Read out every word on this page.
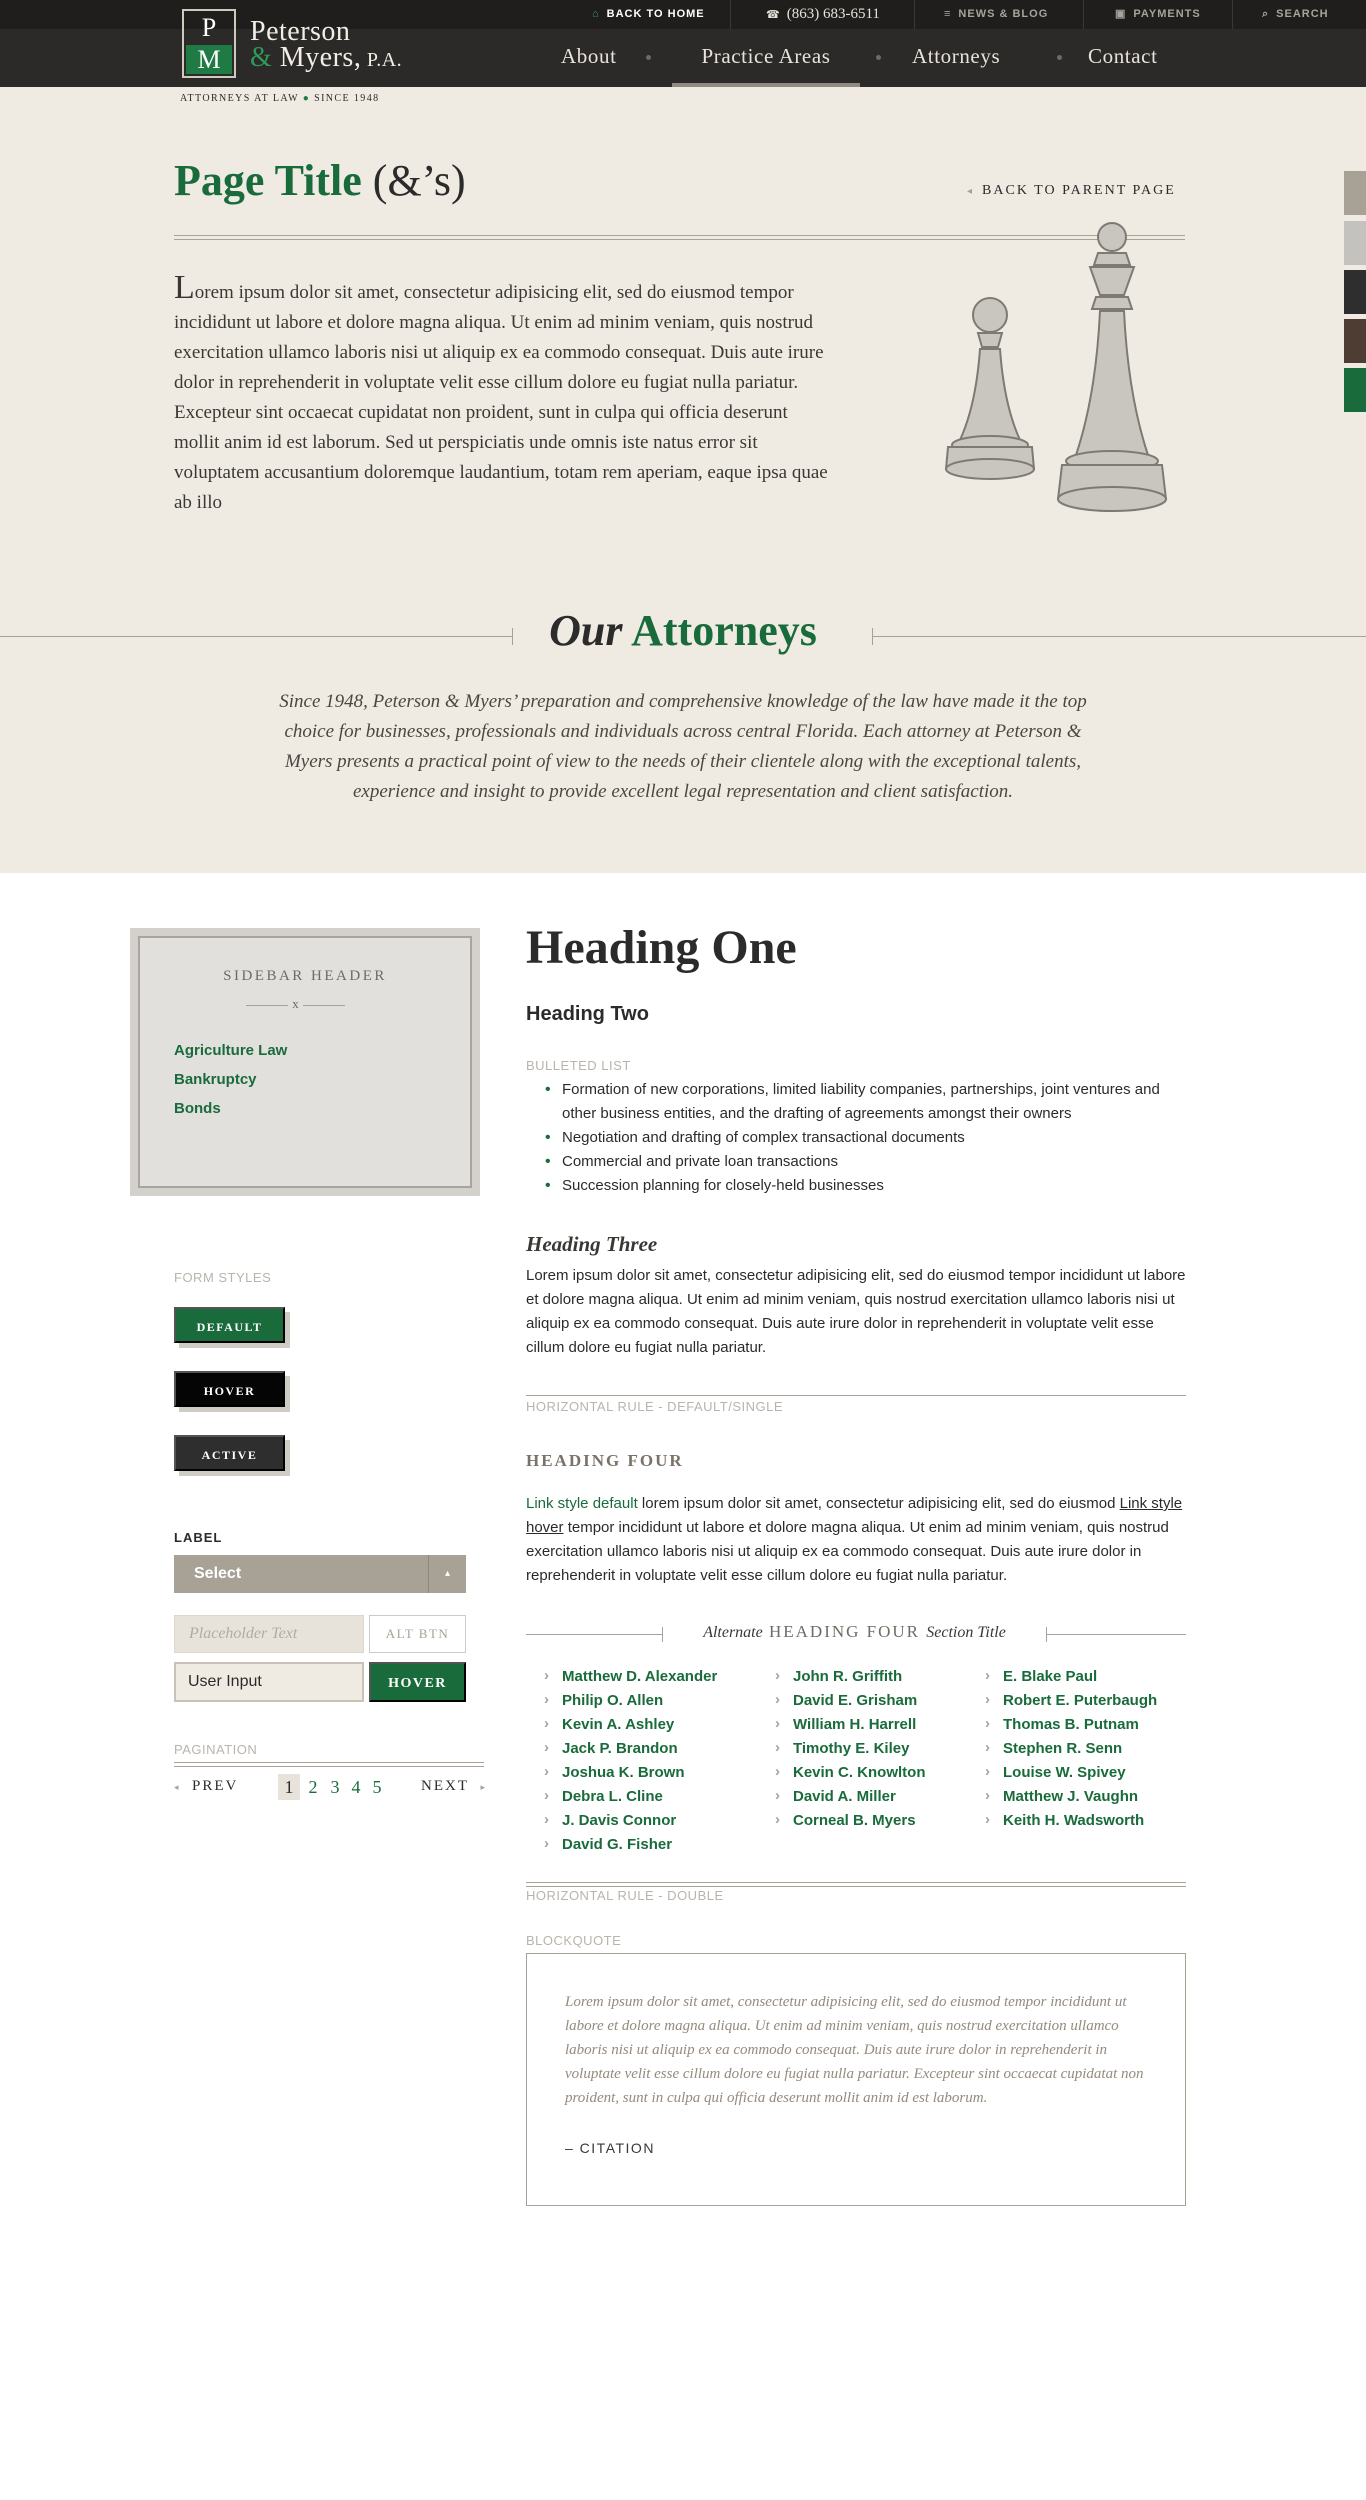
⌂ BACK TO HOME	☎ (863) 683-6511	≡ NEWS & BLOG	▣ PAYMENTS	⌕ SEARCH
P
M
Peterson
& Myers, P.A.	About	Practice Areas	Attorneys	Contact
ATTORNEYS AT LAW ● SINCE 1948
Page Title (&’s)	◂ BACK TO PARENT PAGE

Lorem ipsum dolor sit amet, consectetur adipisicing elit, sed do eiusmod tempor incididunt ut labore et dolore magna aliqua. Ut enim ad minim veniam, quis nostrud exercitation ullamco laboris nisi ut aliquip ex ea commodo consequat. Duis aute irure dolor in reprehenderit in voluptate velit esse cillum dolore eu fugiat nulla pariatur. Excepteur sint occaecat cupidatat non proident, sunt in culpa qui officia deserunt mollit anim id est laborum. Sed ut perspiciatis unde omnis iste natus error sit voluptatem accusantium doloremque laudantium, totam rem aperiam, eaque ipsa quae ab illo

Our Attorneys

Since 1948, Peterson & Myers’ preparation and comprehensive knowledge of the law have made it the top choice for businesses, professionals and individuals across central Florida. Each attorney at Peterson & Myers presents a practical point of view to the needs of their clientele along with the exceptional talents, experience and insight to provide excellent legal representation and client satisfaction.

SIDEBAR HEADER
x
Agriculture Law
Bankruptcy
Bonds
FORM STYLES
DEFAULT
HOVER
ACTIVE
LABEL
Select	▴

Placeholder Text	ALT BTN
User Input	HOVER
PAGINATION
◂ PREV	1 2 3 4 5	NEXT ▸
Heading One
Heading Two
BULLETED LIST
• Formation of new corporations, limited liability companies, partnerships, joint ventures and other business entities, and the drafting of agreements amongst their owners
• Negotiation and drafting of complex transactional documents
• Commercial and private loan transactions
• Succession planning for closely-held businesses
Heading Three

Lorem ipsum dolor sit amet, consectetur adipisicing elit, sed do eiusmod tempor incididunt ut labore et dolore magna aliqua. Ut enim ad minim veniam, quis nostrud exercitation ullamco laboris nisi ut aliquip ex ea commodo consequat. Duis aute irure dolor in reprehenderit in voluptate velit esse cillum dolore eu fugiat nulla pariatur.

HORIZONTAL RULE - DEFAULT/SINGLE
HEADING FOUR

Link style default lorem ipsum dolor sit amet, consectetur adipisicing elit, sed do eiusmod Link style hover tempor incididunt ut labore et dolore magna aliqua. Ut enim ad minim veniam, quis nostrud exercitation ullamco laboris nisi ut aliquip ex ea commodo consequat. Duis aute irure dolor in reprehenderit in voluptate velit esse cillum dolore eu fugiat nulla pariatur.

Alternate HEADING FOUR Section Title
› Matthew D. Alexander
› Philip O. Allen
› Kevin A. Ashley
› Jack P. Brandon
› Joshua K. Brown
› Debra L. Cline
› J. Davis Connor
› David G. Fisher
› John R. Griffith
› David E. Grisham
› William H. Harrell
› Timothy E. Kiley
› Kevin C. Knowlton
› David A. Miller
› Corneal B. Myers
› E. Blake Paul
› Robert E. Puterbaugh
› Thomas B. Putnam
› Stephen R. Senn
› Louise W. Spivey
› Matthew J. Vaughn
› Keith H. Wadsworth
HORIZONTAL RULE - DOUBLE
BLOCKQUOTE

Lorem ipsum dolor sit amet, consectetur adipisicing elit, sed do eiusmod tempor incididunt ut labore et dolore magna aliqua. Ut enim ad minim veniam, quis nostrud exercitation ullamco laboris nisi ut aliquip ex ea commodo consequat. Duis aute irure dolor in reprehenderit in voluptate velit esse cillum dolore eu fugiat nulla pariatur. Excepteur sint occaecat cupidatat non proident, sunt in culpa qui officia deserunt mollit anim id est laborum.

– CITATION
